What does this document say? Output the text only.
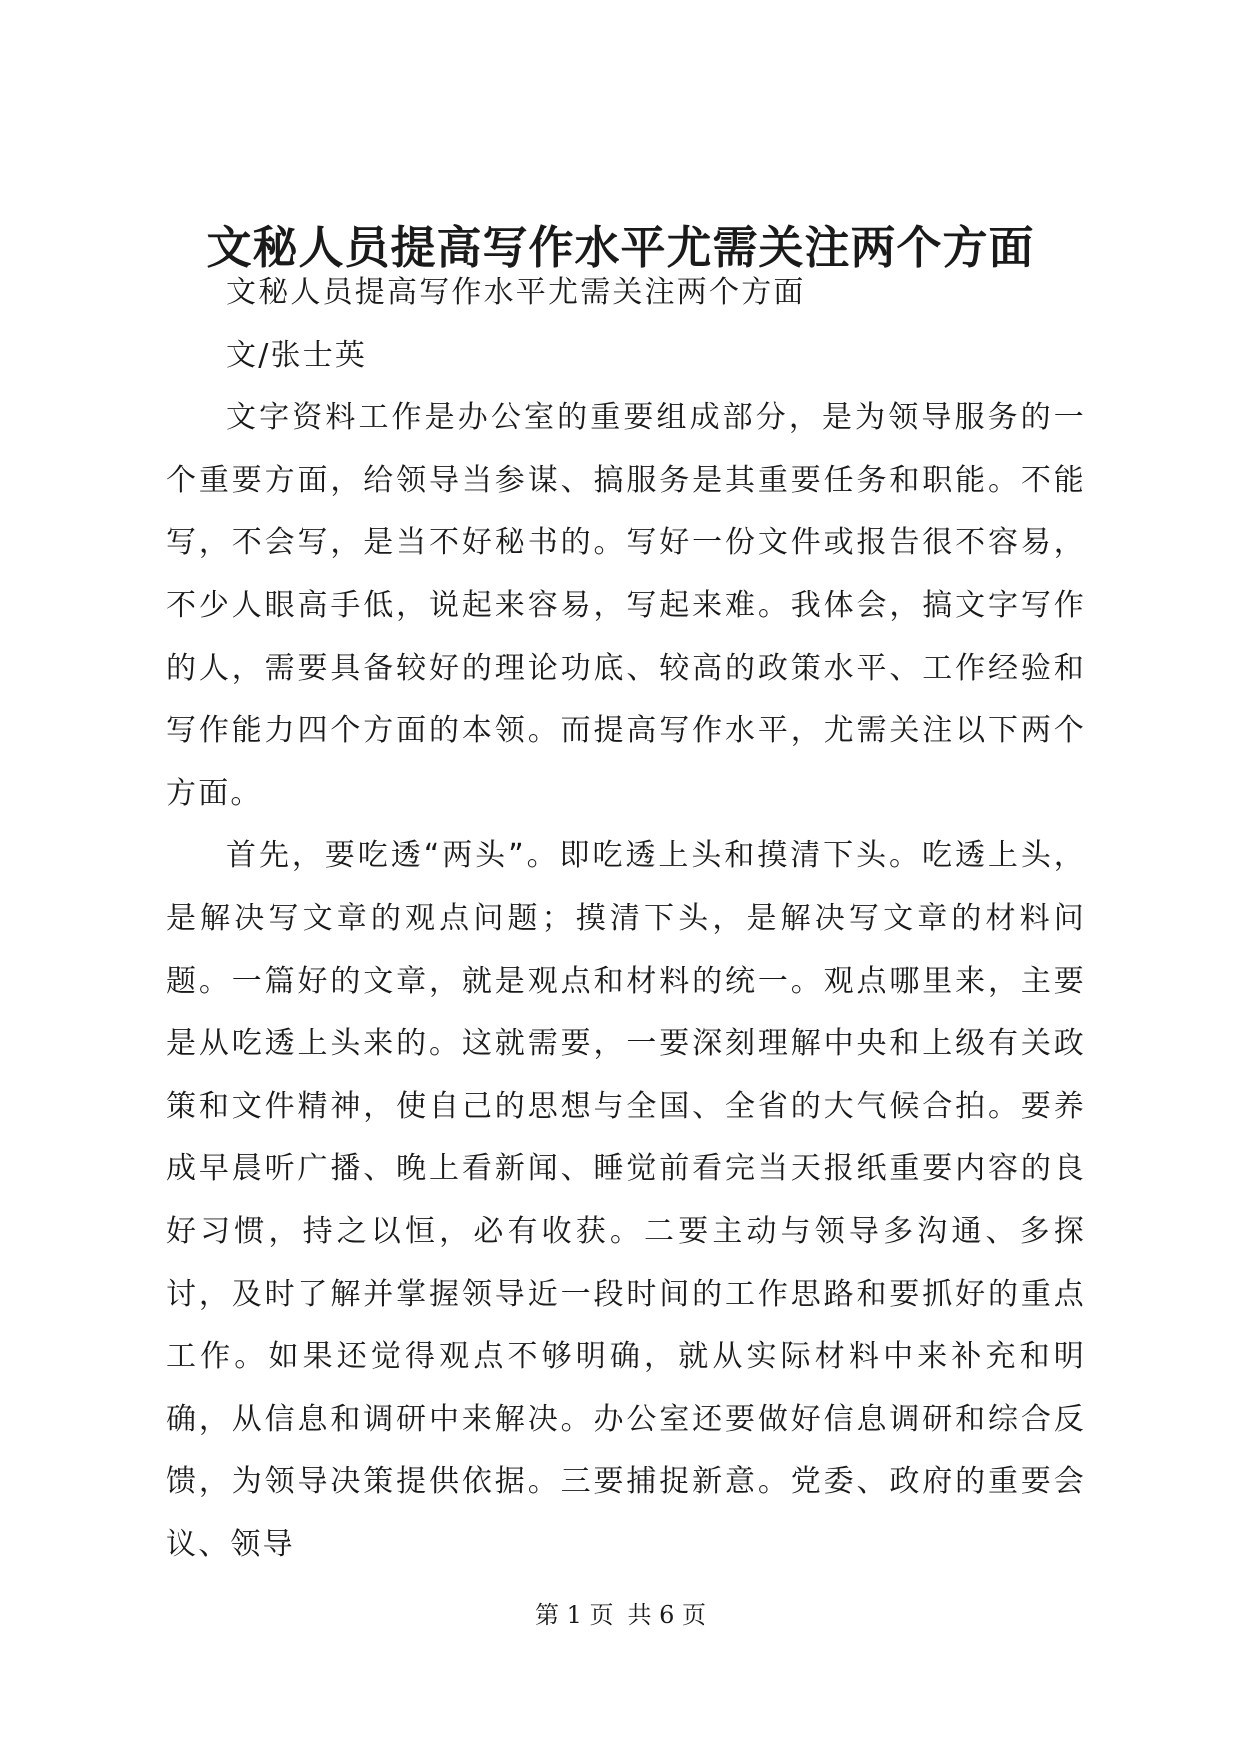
文秘人员提高写作水平尤需关注两个方面

文秘人员提高写作水平尤需关注两个方面

文/张士英

文字资料工作是办公室的重要组成部分，是为领导服务的一个重要方面，给领导当参谋、搞服务是其重要任务和职能。不能写，不会写，是当不好秘书的。写好一份文件或报告很不容易，不少人眼高手低，说起来容易，写起来难。我体会，搞文字写作的人，需要具备较好的理论功底、较高的政策水平、工作经验和写作能力四个方面的本领。而提高写作水平，尤需关注以下两个方面。

首先，要吃透“两头”。即吃透上头和摸清下头。吃透上头，是解决写文章的观点问题；摸清下头，是解决写文章的材料问题。一篇好的文章，就是观点和材料的统一。观点哪里来，主要是从吃透上头来的。这就需要，一要深刻理解中央和上级有关政策和文件精神，使自己的思想与全国、全省的大气候合拍。要养成早晨听广播、晚上看新闻、睡觉前看完当天报纸重要内容的良好习惯，持之以恒，必有收获。二要主动与领导多沟通、多探讨，及时了解并掌握领导近一段时间的工作思路和要抓好的重点工作。如果还觉得观点不够明确，就从实际材料中来补充和明确，从信息和调研中来解决。办公室还要做好信息调研和综合反馈，为领导决策提供依据。三要捕捉新意。党委、政府的重要会议、领导

第 1 页 共 6 页
